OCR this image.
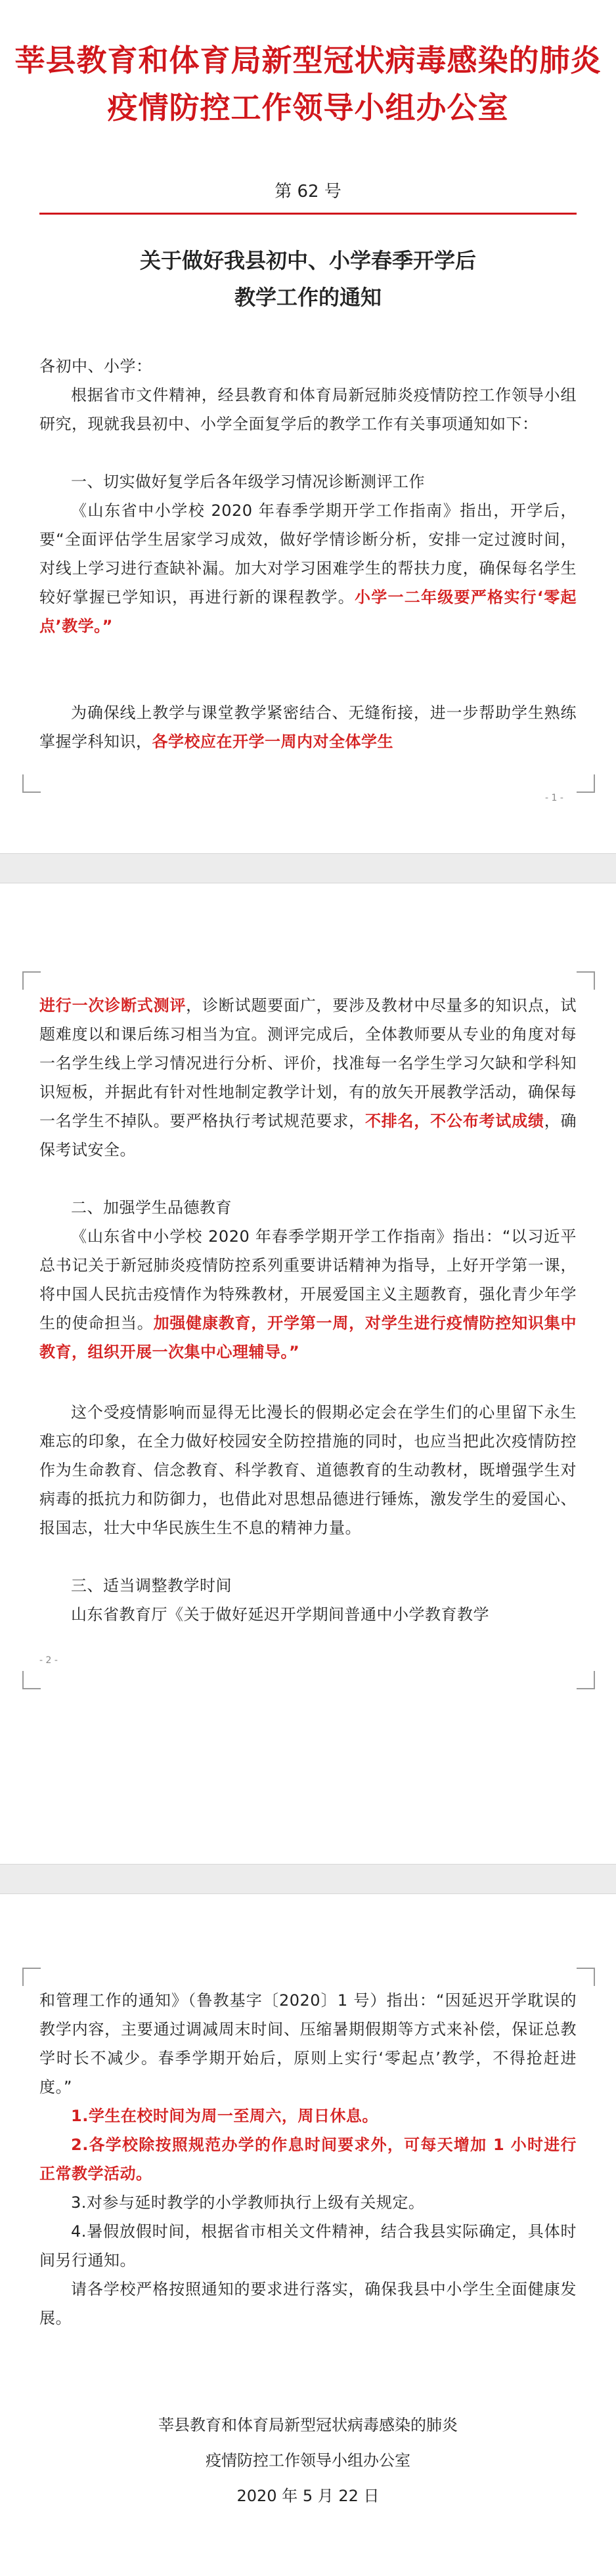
莘县教育和体育局新型冠状病毒感染的肺炎
疫情防控工作领导小组办公室

第 62 号

关于做好我县初中、小学春季开学后
教学工作的通知

各初中、小学：

根据省市文件精神，经县教育和体育局新冠肺炎疫情防控工作领导小组研究，现就我县初中、小学全面复学后的教学工作有关事项通知如下：

一、切实做好复学后各年级学习情况诊断测评工作

《山东省中小学校 2020 年春季学期开学工作指南》指出，开学后，要“全面评估学生居家学习成效，做好学情诊断分析，安排一定过渡时间，对线上学习进行查缺补漏。加大对学习困难学生的帮扶力度，确保每名学生较好掌握已学知识，再进行新的课程教学。小学一二年级要严格实行‘零起点’教学。”

为确保线上教学与课堂教学紧密结合、无缝衔接，进一步帮助学生熟练掌握学科知识，各学校应在开学一周内对全体学生

- 1 -

进行一次诊断式测评，诊断试题要面广，要涉及教材中尽量多的知识点，试题难度以和课后练习相当为宜。测评完成后，全体教师要从专业的角度对每一名学生线上学习情况进行分析、评价，找准每一名学生学习欠缺和学科知识短板，并据此有针对性地制定教学计划，有的放矢开展教学活动，确保每一名学生不掉队。要严格执行考试规范要求，不排名，不公布考试成绩，确保考试安全。

二、加强学生品德教育

《山东省中小学校 2020 年春季学期开学工作指南》指出：“以习近平总书记关于新冠肺炎疫情防控系列重要讲话精神为指导，上好开学第一课，将中国人民抗击疫情作为特殊教材，开展爱国主义主题教育，强化青少年学生的使命担当。加强健康教育，开学第一周，对学生进行疫情防控知识集中教育，组织开展一次集中心理辅导。”

这个受疫情影响而显得无比漫长的假期必定会在学生们的心里留下永生难忘的印象，在全力做好校园安全防控措施的同时，也应当把此次疫情防控作为生命教育、信念教育、科学教育、道德教育的生动教材，既增强学生对病毒的抵抗力和防御力，也借此对思想品德进行锤炼，激发学生的爱国心、报国志，壮大中华民族生生不息的精神力量。

三、适当调整教学时间

山东省教育厅《关于做好延迟开学期间普通中小学教育教学

- 2 -

和管理工作的通知》（鲁教基字〔2020〕1 号）指出：“因延迟开学耽误的教学内容，主要通过调减周末时间、压缩暑期假期等方式来补偿，保证总教学时长不减少。春季学期开始后，原则上实行‘零起点’教学，不得抢赶进度。”

1.学生在校时间为周一至周六，周日休息。

2.各学校除按照规范办学的作息时间要求外，可每天增加 1 小时进行正常教学活动。

3.对参与延时教学的小学教师执行上级有关规定。

4.暑假放假时间，根据省市相关文件精神，结合我县实际确定，具体时间另行通知。

请各学校严格按照通知的要求进行落实，确保我县中小学生全面健康发展。

莘县教育和体育局新型冠状病毒感染的肺炎

疫情防控工作领导小组办公室

2020 年 5 月 22 日
